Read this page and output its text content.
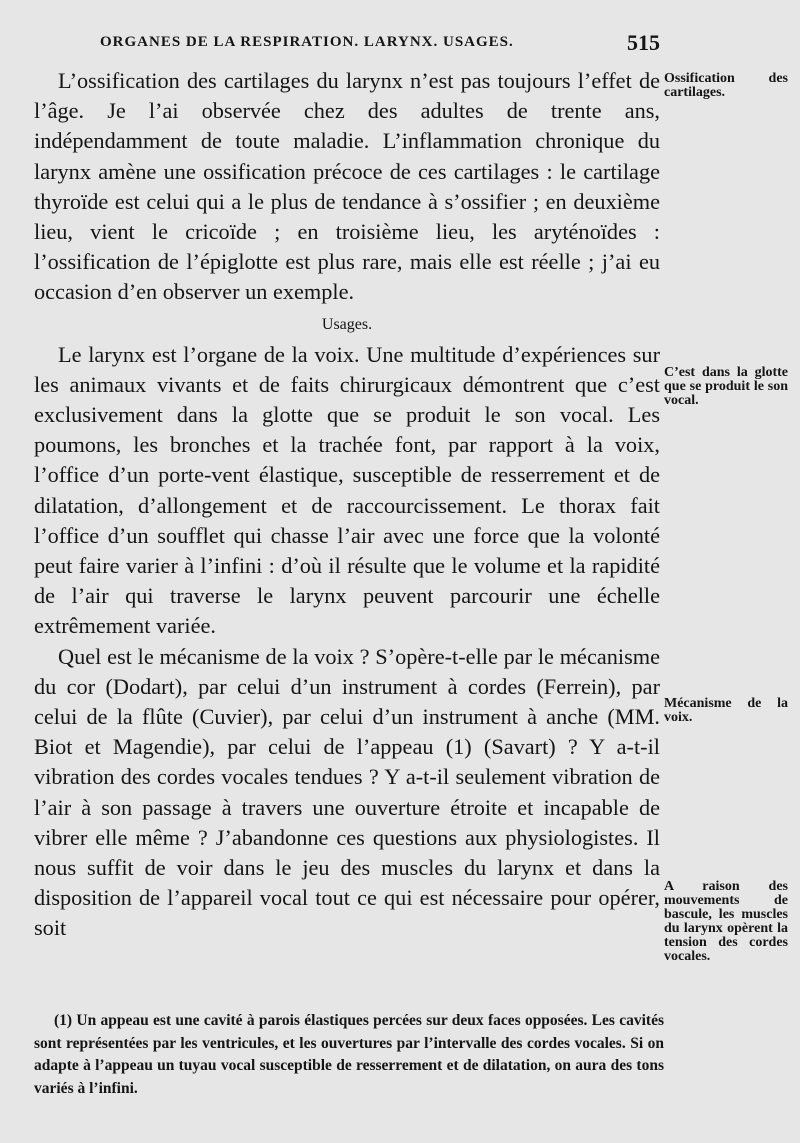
ORGANES DE LA RESPIRATION. LARYNX. USAGES.	515

L’ossification des cartilages du larynx n’est pas toujours l’effet de l’âge. Je l’ai observée chez des adultes de trente ans, indépendamment de toute maladie. L’inflammation chronique du larynx amène une ossification précoce de ces cartilages : le cartilage thyroïde est celui qui a le plus de tendance à s’ossifier ; en deuxième lieu, vient le cricoïde ; en troisième lieu, les aryténoïdes : l’ossification de l’épiglotte est plus rare, mais elle est réelle ; j’ai eu occasion d’en observer un exemple.

Usages.

Le larynx est l’organe de la voix. Une multitude d’expériences sur les animaux vivants et de faits chirurgicaux démontrent que c’est exclusivement dans la glotte que se produit le son vocal. Les poumons, les bronches et la trachée font, par rapport à la voix, l’office d’un porte-vent élastique, susceptible de resserrement et de dilatation, d’allongement et de raccourcissement. Le thorax fait l’office d’un soufflet qui chasse l’air avec une force que la volonté peut faire varier à l’infini : d’où il résulte que le volume et la rapidité de l’air qui traverse le larynx peuvent parcourir une échelle extrêmement variée.

Quel est le mécanisme de la voix ? S’opère-t-elle par le mécanisme du cor (Dodart), par celui d’un instrument à cordes (Ferrein), par celui de la flûte (Cuvier), par celui d’un instrument à anche (MM. Biot et Magendie), par celui de l’appeau (1) (Savart) ? Y a-t-il vibration des cordes vocales tendues ? Y a-t-il seulement vibration de l’air à son passage à travers une ouverture étroite et incapable de vibrer elle même ? J’abandonne ces questions aux physiologistes. Il nous suffit de voir dans le jeu des muscles du larynx et dans la disposition de l’appareil vocal tout ce qui est nécessaire pour opérer, soit

Ossification des cartilages.
C’est dans la glotte que se produit le son vocal.
Mécanisme de la voix.
A raison des mouvements de bascule, les muscles du larynx opèrent la tension des cordes vocales.

(1) Un appeau est une cavité à parois élastiques percées sur deux faces opposées. Les cavités sont représentées par les ventricules, et les ouvertures par l’intervalle des cordes vocales. Si on adapte à l’appeau un tuyau vocal susceptible de resserrement et de dilatation, on aura des tons variés à l’infini.
